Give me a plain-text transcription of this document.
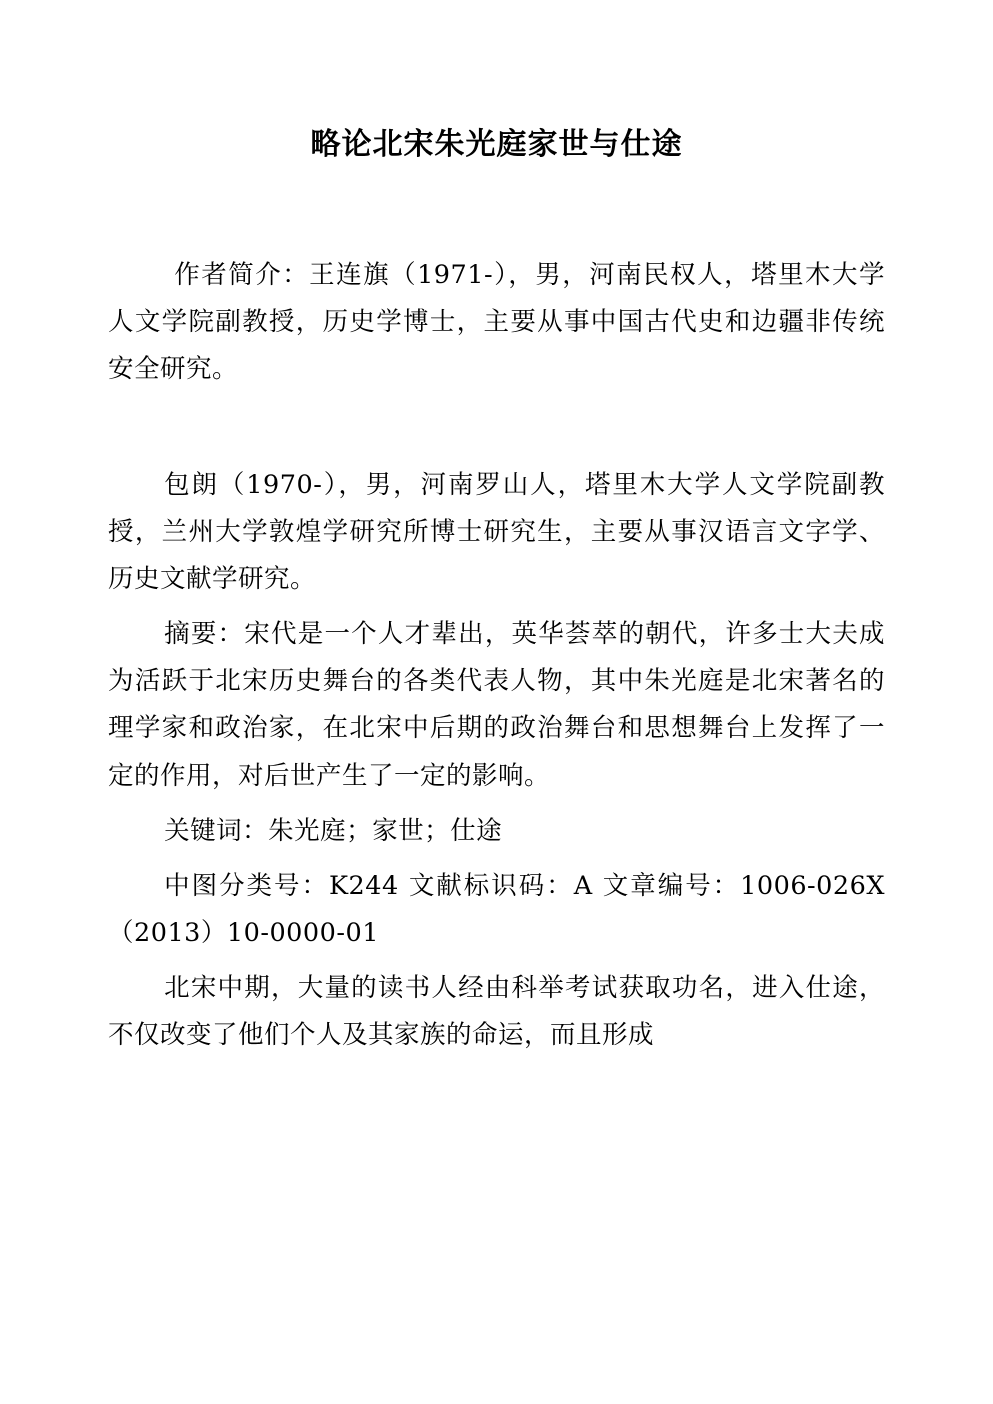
略论北宋朱光庭家世与仕途

作者简介：王连旗（1971-），男，河南民权人，塔里木大学人文学院副教授，历史学博士，主要从事中国古代史和边疆非传统安全研究。

包朗（1970-），男，河南罗山人，塔里木大学人文学院副教授，兰州大学敦煌学研究所博士研究生，主要从事汉语言文字学、历史文献学研究。

摘要：宋代是一个人才辈出，英华荟萃的朝代，许多士大夫成为活跃于北宋历史舞台的各类代表人物，其中朱光庭是北宋著名的理学家和政治家，在北宋中后期的政治舞台和思想舞台上发挥了一定的作用，对后世产生了一定的影响。

关键词：朱光庭；家世；仕途

中图分类号：K244 文献标识码：A 文章编号：1006-026X（2013）10-0000-01

北宋中期，大量的读书人经由科举考试获取功名，进入仕途，不仅改变了他们个人及其家族的命运，而且形成
